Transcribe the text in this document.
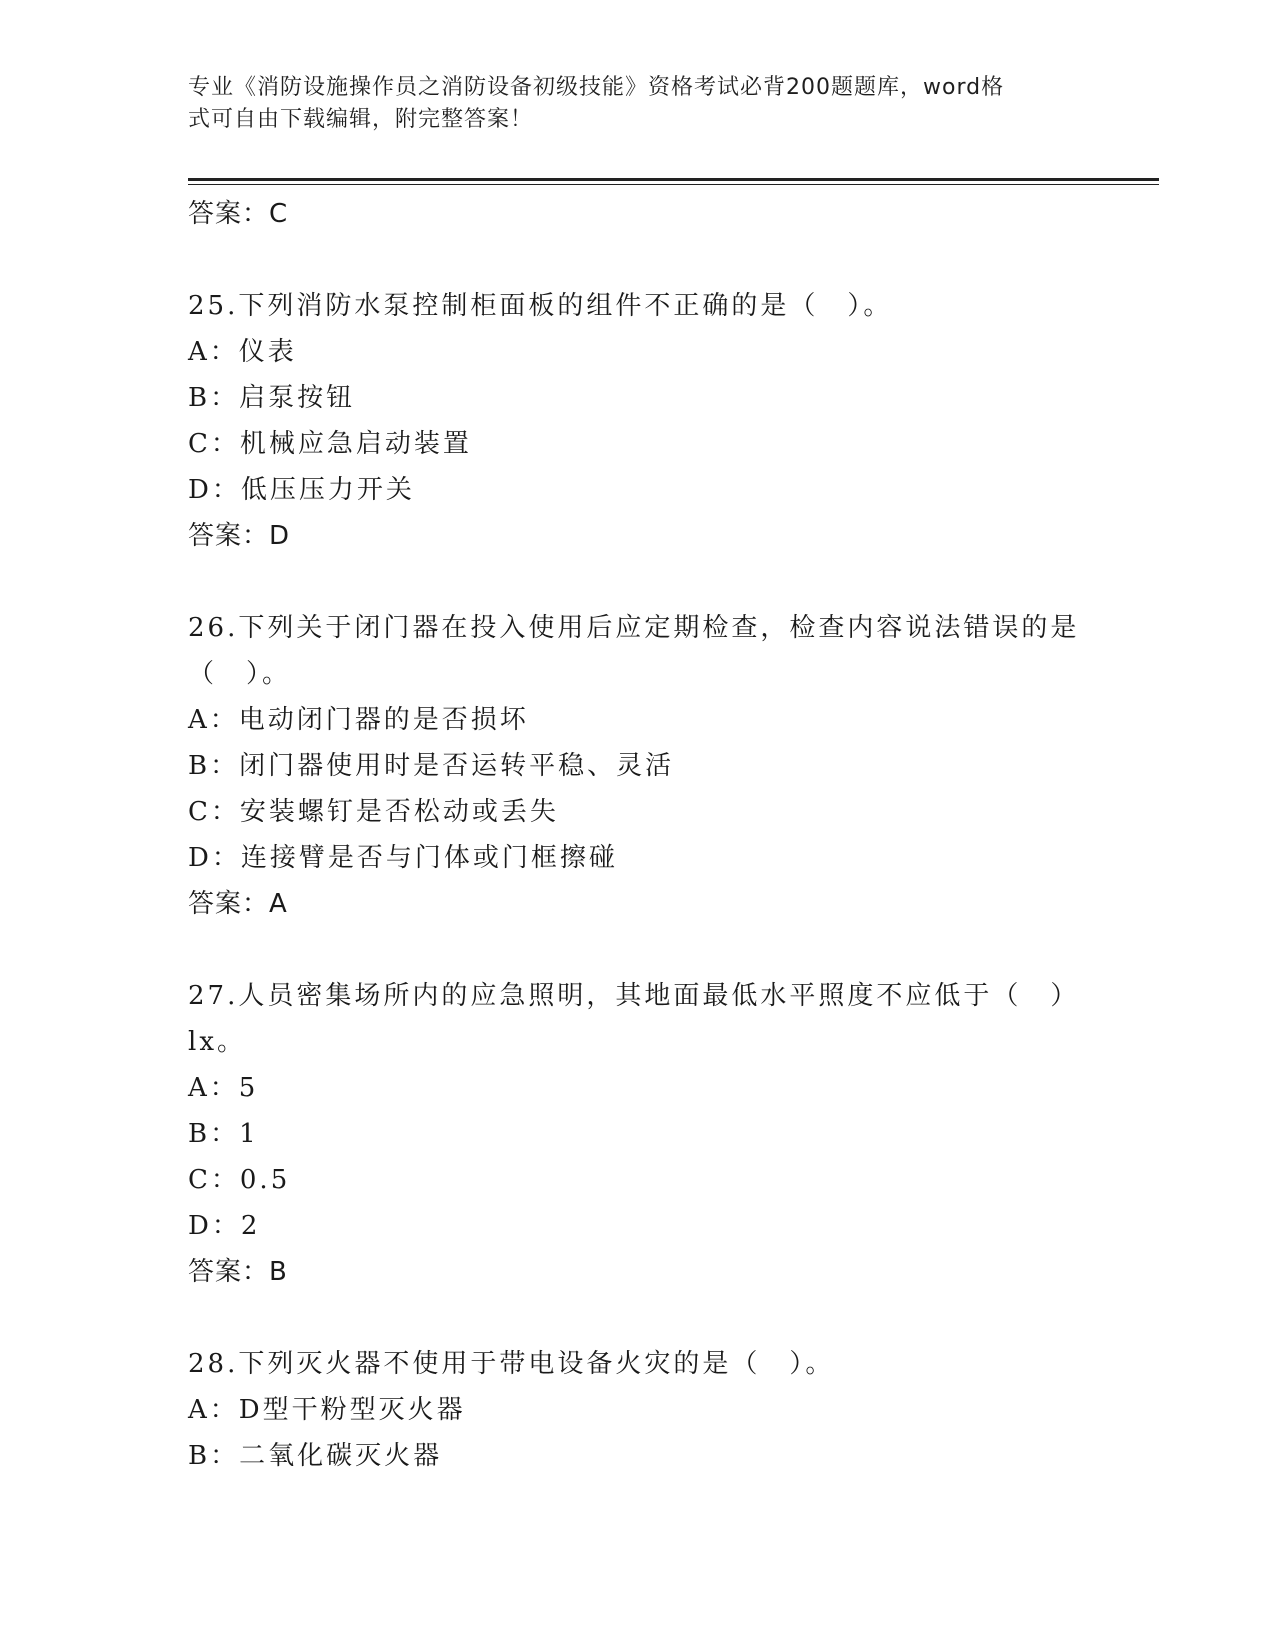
专业《消防设施操作员之消防设备初级技能》资格考试必背200题题库，word格
式可自由下载编辑，附完整答案！
答案：C
25.下列消防水泵控制柜面板的组件不正确的是（　）。
A：仪表
B：启泵按钮
C：机械应急启动装置
D：低压压力开关
答案：D
26.下列关于闭门器在投入使用后应定期检查，检查内容说法错误的是
（　）。
A：电动闭门器的是否损坏
B：闭门器使用时是否运转平稳、灵活
C：安装螺钉是否松动或丢失
D：连接臂是否与门体或门框擦碰
答案：A
27.人员密集场所内的应急照明，其地面最低水平照度不应低于（　）
lx。
A：5
B：1
C：0.5
D：2
答案：B
28.下列灭火器不使用于带电设备火灾的是（　）。
A：D型干粉型灭火器
B：二氧化碳灭火器
